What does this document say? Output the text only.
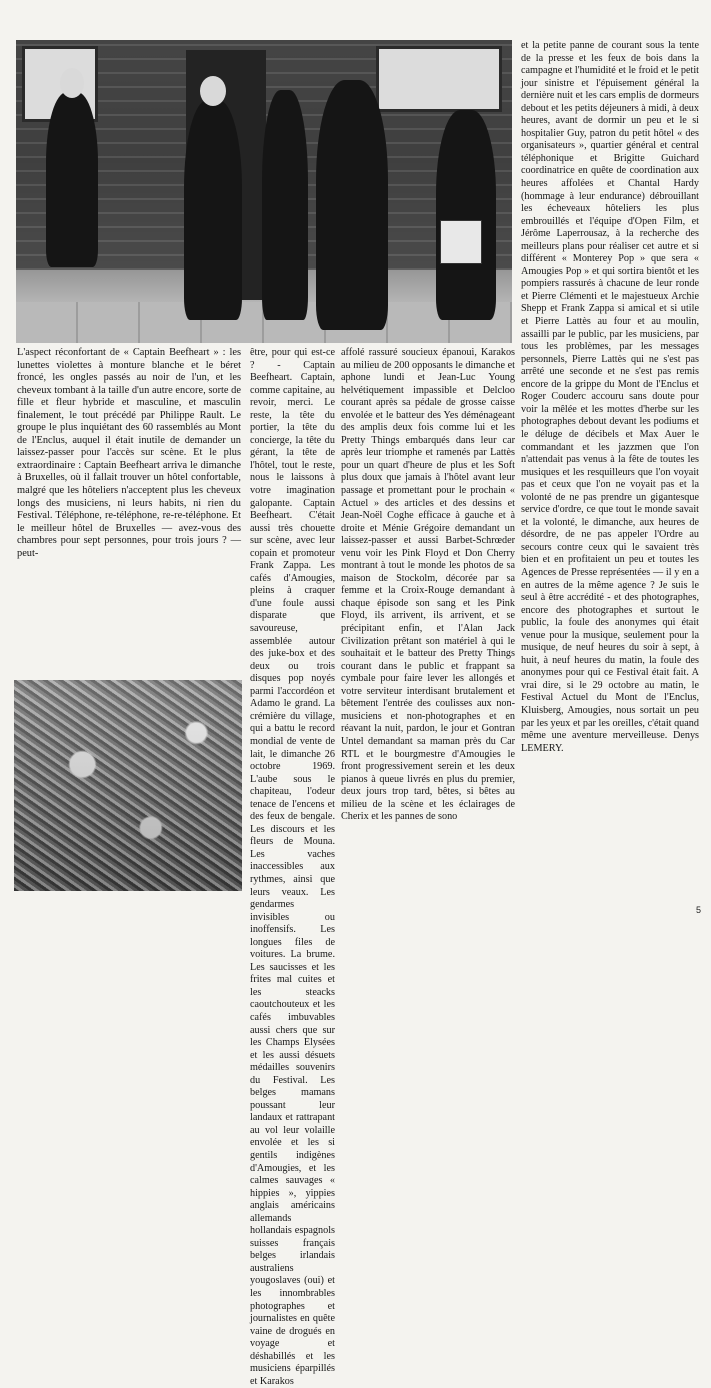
L'aspect réconfortant de « Captain Beefheart » : les lunettes violettes à monture blanche et le béret froncé, les ongles passés au noir de l'un, et les cheveux tombant à la taille d'un autre encore, sorte de fille et fleur hybride et masculine, et masculin finalement, le tout précédé par Philippe Rault. Le groupe le plus inquiétant des 60 rassemblés au Mont de l'Enclus, auquel il était inutile de demander un laissez-passer pour l'accès sur scène. Et le plus extraordinaire : Captain Beefheart arriva le dimanche à Bruxelles, où il fallait trouver un hôtel confortable, malgré que les hôteliers n'acceptent plus les cheveux longs des musiciens, ni leurs habits, ni rien du Festival. Téléphone, re-téléphone, re-re-téléphone. Et le meilleur hôtel de Bruxelles — avez-vous des chambres pour sept personnes, pour trois jours ? — peut-

être, pour qui est-ce ? - Captain Beefheart. Captain, comme capitaine, au revoir, merci. Le reste, la tête du portier, la tête du concierge, la tête du gérant, la tête de l'hôtel, tout le reste, nous le laissons à votre imagination galopante. Captain Beefheart. C'était aussi très chouette sur scène, avec leur copain et promoteur Frank Zappa. Les cafés d'Amougies, pleins à craquer d'une foule aussi disparate que savoureuse, assemblée autour des juke-box et des deux ou trois disques pop noyés parmi l'accordéon et Adamo le grand. La crémière du village, qui a battu le record mondial de vente de lait, le dimanche 26 octobre 1969. L'aube sous le chapiteau, l'odeur tenace de l'encens et des feux de bengale. Les discours et les fleurs de Mouna. Les vaches inaccessibles aux rythmes, ainsi que leurs veaux. Les gendarmes invisibles ou inoffensifs. Les longues files de voitures. La brume. Les saucisses et les frites mal cuites et les steacks caoutchouteux et les cafés imbuvables aussi chers que sur les Champs Elysées et les aussi désuets médailles souvenirs du Festival. Les belges mamans poussant leur landaux et rattrapant au vol leur volaille envolée et les si gentils indigènes d'Amougies, et les calmes sauvages « hippies », yippies anglais américains allemands hollandais espagnols suisses français belges irlandais australiens yougoslaves (oui) et les innombrables photographes et journalistes en quête vaine de drogués en voyage et déshabillés et les musiciens éparpillés et Karakos

affolé rassuré soucieux épanoui, Karakos au milieu de 200 opposants le dimanche et aphone lundi et Jean-Luc Young helvétiquement impassible et Delcloo courant après sa pédale de grosse caisse envolée et le batteur des Yes déménageant des amplis deux fois comme lui et les Pretty Things embarqués dans leur car après leur triomphe et ramenés par Lattès pour un quart d'heure de plus et les Soft plus doux que jamais à l'hôtel avant leur passage et promettant pour le prochain « Actuel » des articles et des dessins et Jean-Noël Coghe efficace à gauche et à droite et Ménie Grégoire demandant un laissez-passer et aussi Barbet-Schrœder venu voir les Pink Floyd et Don Cherry montrant à tout le monde les photos de sa maison de Stockolm, décorée par sa femme et la Croix-Rouge demandant à chaque épisode son sang et les Pink Floyd, ils arrivent, ils arrivent, et se précipitant enfin, et l'Alan Jack Civilization prêtant son matériel à qui le souhaitait et le batteur des Pretty Things courant dans le public et frappant sa cymbale pour faire lever les allongés et votre serviteur interdisant brutalement et bêtement l'entrée des coulisses aux non-musiciens et non-photographes et en réavant la nuit, pardon, le jour et Gontran Untel demandant sa maman près du Car RTL et le bourgmestre d'Amougies le front progressivement serein et les deux pianos à queue livrés en plus du premier, deux jours trop tard, bêtes, si bêtes au milieu de la scène et les éclairages de Cherix et les pannes de sono

et la petite panne de courant sous la tente de la presse et les feux de bois dans la campagne et l'humidité et le froid et le petit jour sinistre et l'épuisement général la dernière nuit et les cars emplis de dormeurs debout et les petits déjeuners à midi, à deux heures, avant de dormir un peu et le si hospitalier Guy, patron du petit hôtel « des organisateurs », quartier général et central téléphonique et Brigitte Guichard coordinatrice en quête de coordination aux heures affolées et Chantal Hardy (hommage à leur endurance) débrouillant les écheveaux hôteliers les plus embrouillés et l'équipe d'Open Film, et Jérôme Laperrousaz, à la recherche des meilleurs plans pour réaliser cet autre et si différent « Monterey Pop » que sera « Amougies Pop » et qui sortira bientôt et les pompiers rassurés à chacune de leur ronde et Pierre Clémenti et le majestueux Archie Shepp et Frank Zappa si amical et si utile et Pierre Lattès au four et au moulin, assailli par le public, par les musiciens, par tous les problèmes, par les messages personnels, Pierre Lattès qui ne s'est pas arrêté une seconde et ne s'est pas remis encore de la grippe du Mont de l'Enclus et Roger Couderc accouru sans doute pour voir la mêlée et les mottes d'herbe sur les photographes debout devant les podiums et le déluge de décibels et Max Auer le commandant et les jazzmen que l'on n'attendait pas venus à la fête de toutes les musiques et les resquilleurs que l'on voyait pas et ceux que l'on ne voyait pas et la volonté de ne pas prendre un gigantesque service d'ordre, ce que tout le monde savait et la volonté, le dimanche, aux heures de désordre, de ne pas appeler l'Ordre au secours contre ceux qui le savaient très bien et en profitaient un peu et toutes les Agences de Presse représentées — il y en a en autres de la même agence ? Je suis le seul à être accrédité - et des photographes, encore des photographes et surtout le public, la foule des anonymes qui était venue pour la musique, seulement pour la musique, de neuf heures du soir à sept, à huit, à neuf heures du matin, la foule des anonymes pour qui ce Festival était fait. A vrai dire, si le 29 octobre au matin, le Festival Actuel du Mont de l'Enclus, Kluisberg, Amougies, nous sortait un peu par les yeux et par les oreilles, c'était quand même une aventure merveilleuse. Denys LEMERY.

5
